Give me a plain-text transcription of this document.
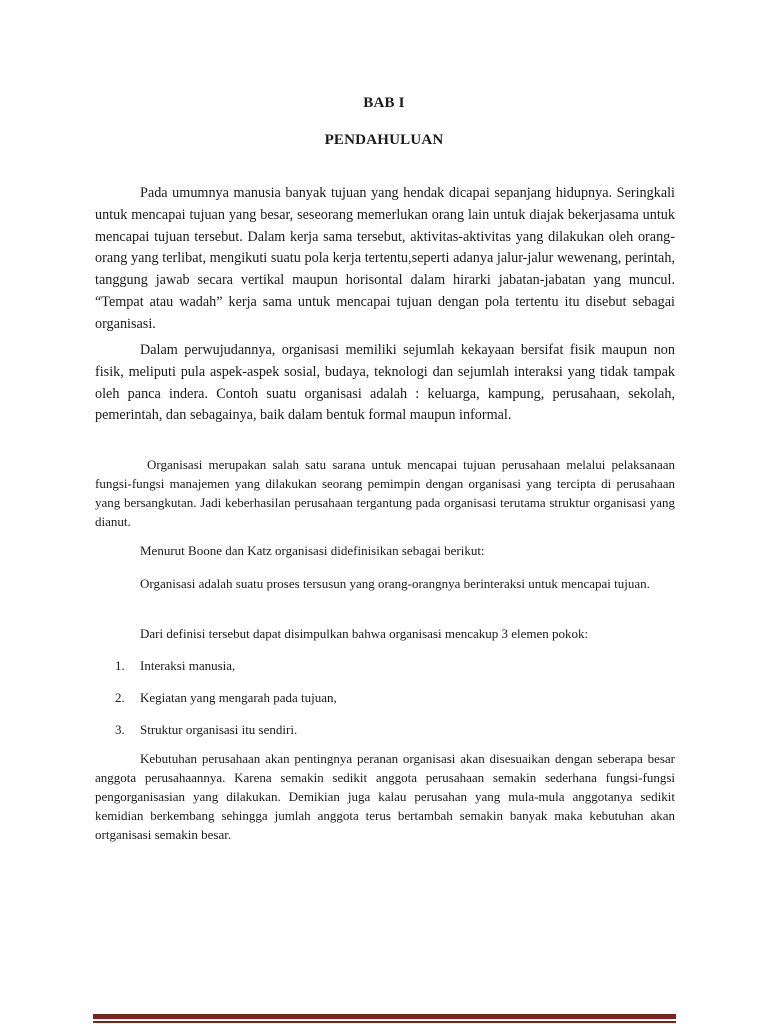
BAB I
PENDAHULUAN

Pada umumnya manusia banyak tujuan yang hendak dicapai sepanjang hidupnya. Seringkali untuk mencapai tujuan yang besar, seseorang memerlukan orang lain untuk diajak bekerjasama untuk mencapai tujuan tersebut. Dalam kerja sama tersebut, aktivitas-aktivitas yang dilakukan oleh orang-orang yang terlibat, mengikuti suatu pola kerja tertentu,seperti adanya jalur-jalur wewenang, perintah, tanggung jawab secara vertikal maupun horisontal dalam hirarki jabatan-jabatan yang muncul. “Tempat atau wadah” kerja sama untuk mencapai tujuan dengan pola tertentu itu disebut sebagai organisasi.

Dalam perwujudannya, organisasi memiliki sejumlah kekayaan bersifat fisik maupun non fisik, meliputi pula aspek-aspek sosial, budaya, teknologi dan sejumlah interaksi yang tidak tampak oleh panca indera. Contoh suatu organisasi adalah : keluarga, kampung, perusahaan, sekolah, pemerintah, dan sebagainya, baik dalam bentuk formal maupun informal.

Organisasi merupakan salah satu sarana untuk mencapai tujuan perusahaan melalui pelaksanaan fungsi-fungsi manajemen yang dilakukan seorang pemimpin dengan organisasi yang tercipta di perusahaan yang bersangkutan. Jadi keberhasilan perusahaan tergantung pada organisasi terutama struktur organisasi yang dianut.

Menurut Boone dan Katz organisasi didefinisikan sebagai berikut:

Organisasi adalah suatu proses tersusun yang orang-orangnya berinteraksi untuk mencapai tujuan.

Dari definisi tersebut dapat disimpulkan bahwa organisasi mencakup 3 elemen pokok:

1. Interaksi manusia,
2. Kegiatan yang mengarah pada tujuan,
3. Struktur organisasi itu sendiri.

Kebutuhan perusahaan akan pentingnya peranan organisasi akan disesuaikan dengan seberapa besar anggota perusahaannya. Karena semakin sedikit anggota perusahaan semakin sederhana fungsi-fungsi pengorganisasian yang dilakukan. Demikian juga kalau perusahan yang mula-mula anggotanya sedikit kemidian berkembang sehingga jumlah anggota terus bertambah semakin banyak maka kebutuhan akan ortganisasi semakin besar.
